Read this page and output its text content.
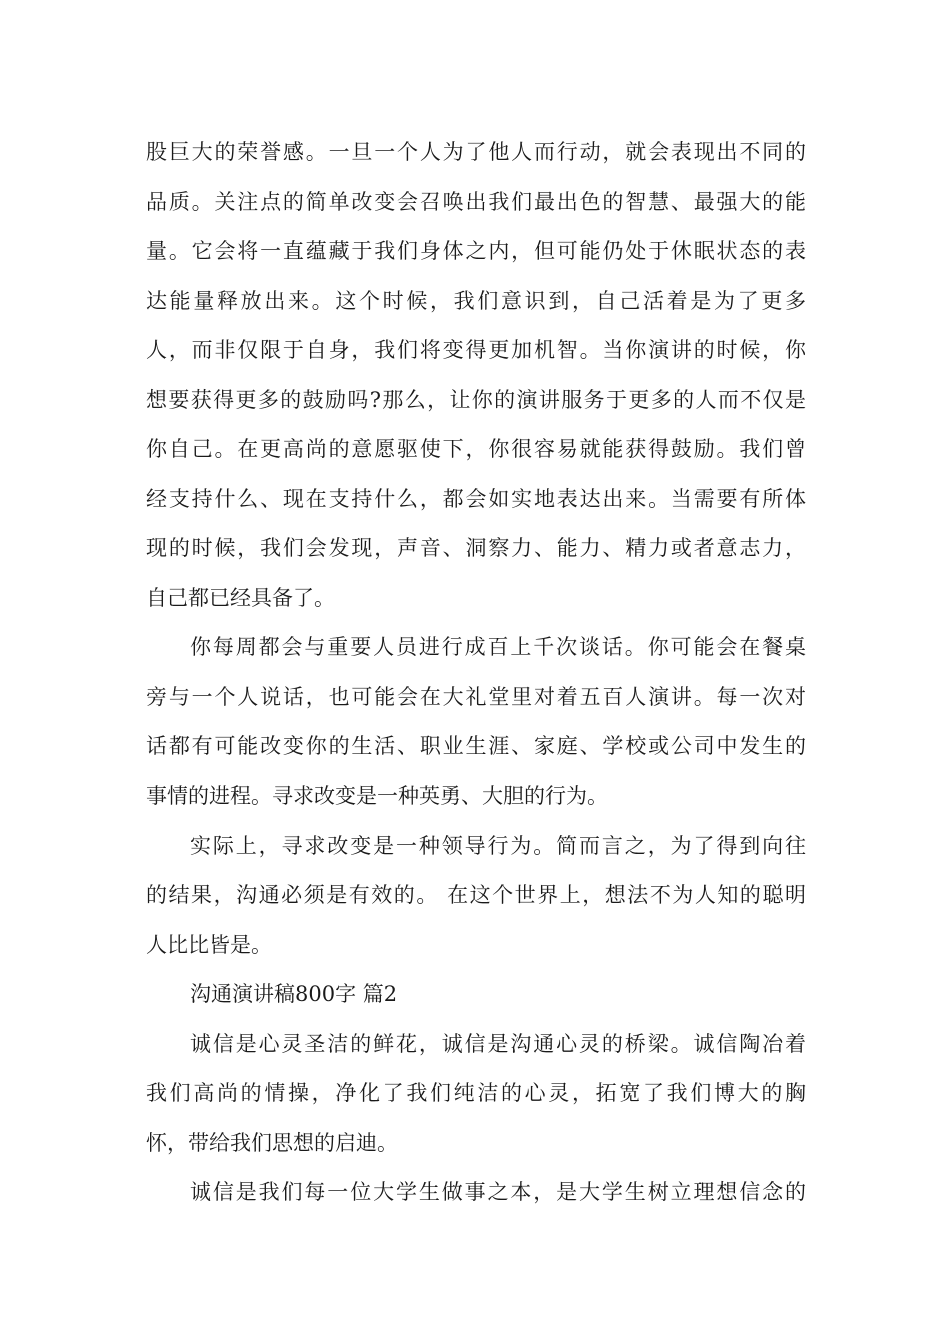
股巨大的荣誉感。一旦一个人为了他人而行动，就会表现出不同的
品质。关注点的简单改变会召唤出我们最出色的智慧、最强大的能
量。它会将一直蕴藏于我们身体之内，但可能仍处于休眠状态的表
达能量释放出来。这个时候，我们意识到，自己活着是为了更多
人，而非仅限于自身，我们将变得更加机智。当你演讲的时候，你
想要获得更多的鼓励吗?那么，让你的演讲服务于更多的人而不仅是
你自己。在更高尚的意愿驱使下，你很容易就能获得鼓励。我们曾
经支持什么、现在支持什么，都会如实地表达出来。当需要有所体
现的时候，我们会发现，声音、洞察力、能力、精力或者意志力，
自己都已经具备了。
你每周都会与重要人员进行成百上千次谈话。你可能会在餐桌
旁与一个人说话，也可能会在大礼堂里对着五百人演讲。每一次对
话都有可能改变你的生活、职业生涯、家庭、学校或公司中发生的
事情的进程。寻求改变是一种英勇、大胆的行为。
实际上，寻求改变是一种领导行为。简而言之，为了得到向往
的结果，沟通必须是有效的。 在这个世界上，想法不为人知的聪明
人比比皆是。
沟通演讲稿800字 篇2
诚信是心灵圣洁的鲜花，诚信是沟通心灵的桥梁。诚信陶冶着
我们高尚的情操，净化了我们纯洁的心灵，拓宽了我们博大的胸
怀，带给我们思想的启迪。
诚信是我们每一位大学生做事之本，是大学生树立理想信念的
